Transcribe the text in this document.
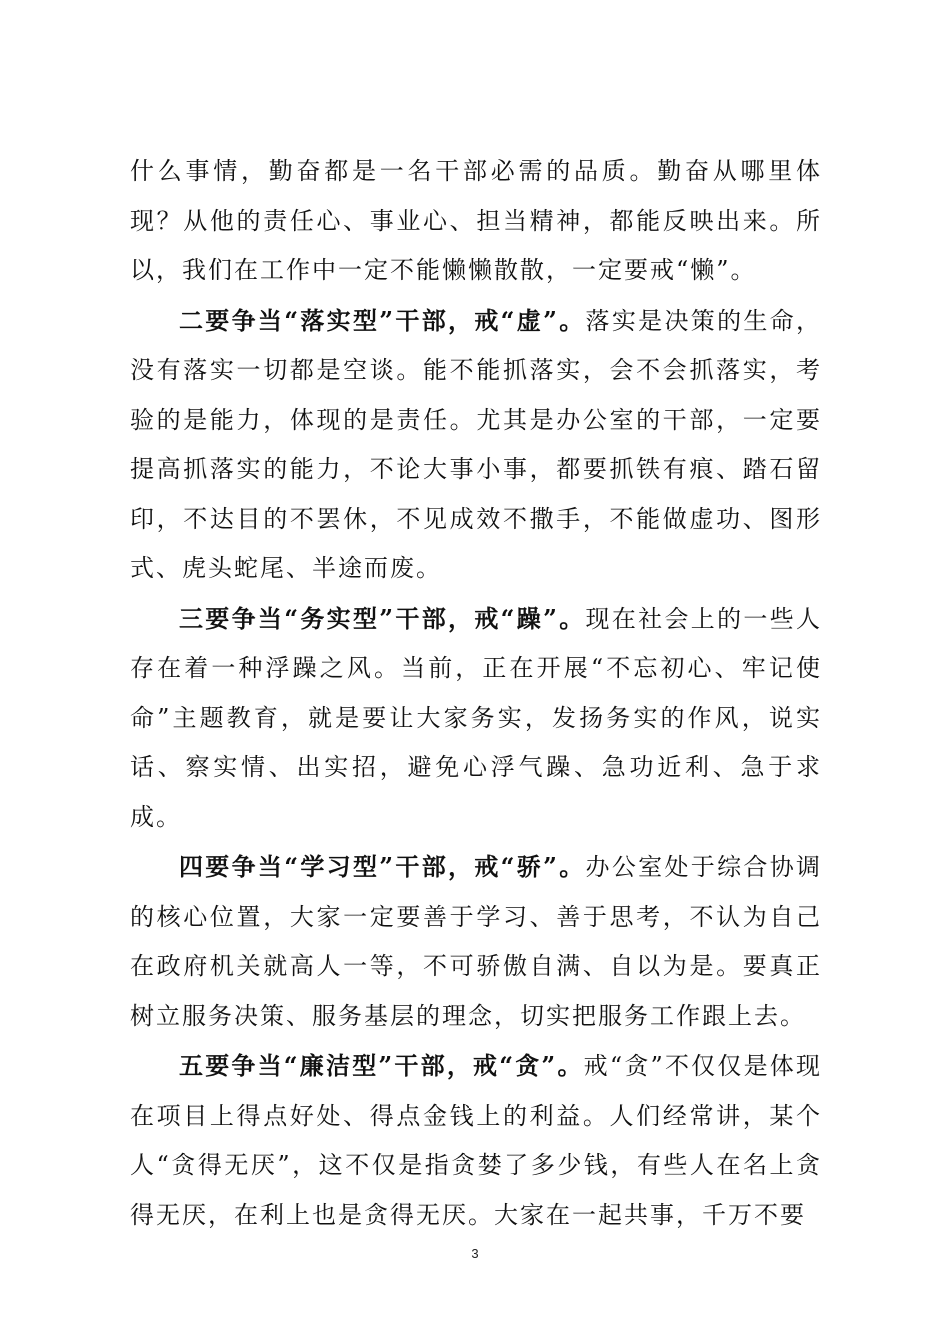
什么事情，勤奋都是一名干部必需的品质。勤奋从哪里体现？从他的责任心、事业心、担当精神，都能反映出来。所以，我们在工作中一定不能懒懒散散，一定要戒“懒”。

二要争当“落实型”干部，戒“虚”。落实是决策的生命，没有落实一切都是空谈。能不能抓落实，会不会抓落实，考验的是能力，体现的是责任。尤其是办公室的干部，一定要提高抓落实的能力，不论大事小事，都要抓铁有痕、踏石留印，不达目的不罢休，不见成效不撒手，不能做虚功、图形式、虎头蛇尾、半途而废。

三要争当“务实型”干部，戒“躁”。现在社会上的一些人存在着一种浮躁之风。当前，正在开展“不忘初心、牢记使命”主题教育，就是要让大家务实，发扬务实的作风，说实话、察实情、出实招，避免心浮气躁、急功近利、急于求成。

四要争当“学习型”干部，戒“骄”。办公室处于综合协调的核心位置，大家一定要善于学习、善于思考，不认为自己在政府机关就高人一等，不可骄傲自满、自以为是。要真正树立服务决策、服务基层的理念，切实把服务工作跟上去。

五要争当“廉洁型”干部，戒“贪”。戒“贪”不仅仅是体现在项目上得点好处、得点金钱上的利益。人们经常讲，某个人“贪得无厌”，这不仅是指贪婪了多少钱，有些人在名上贪得无厌，在利上也是贪得无厌。大家在一起共事，千万不要

3
